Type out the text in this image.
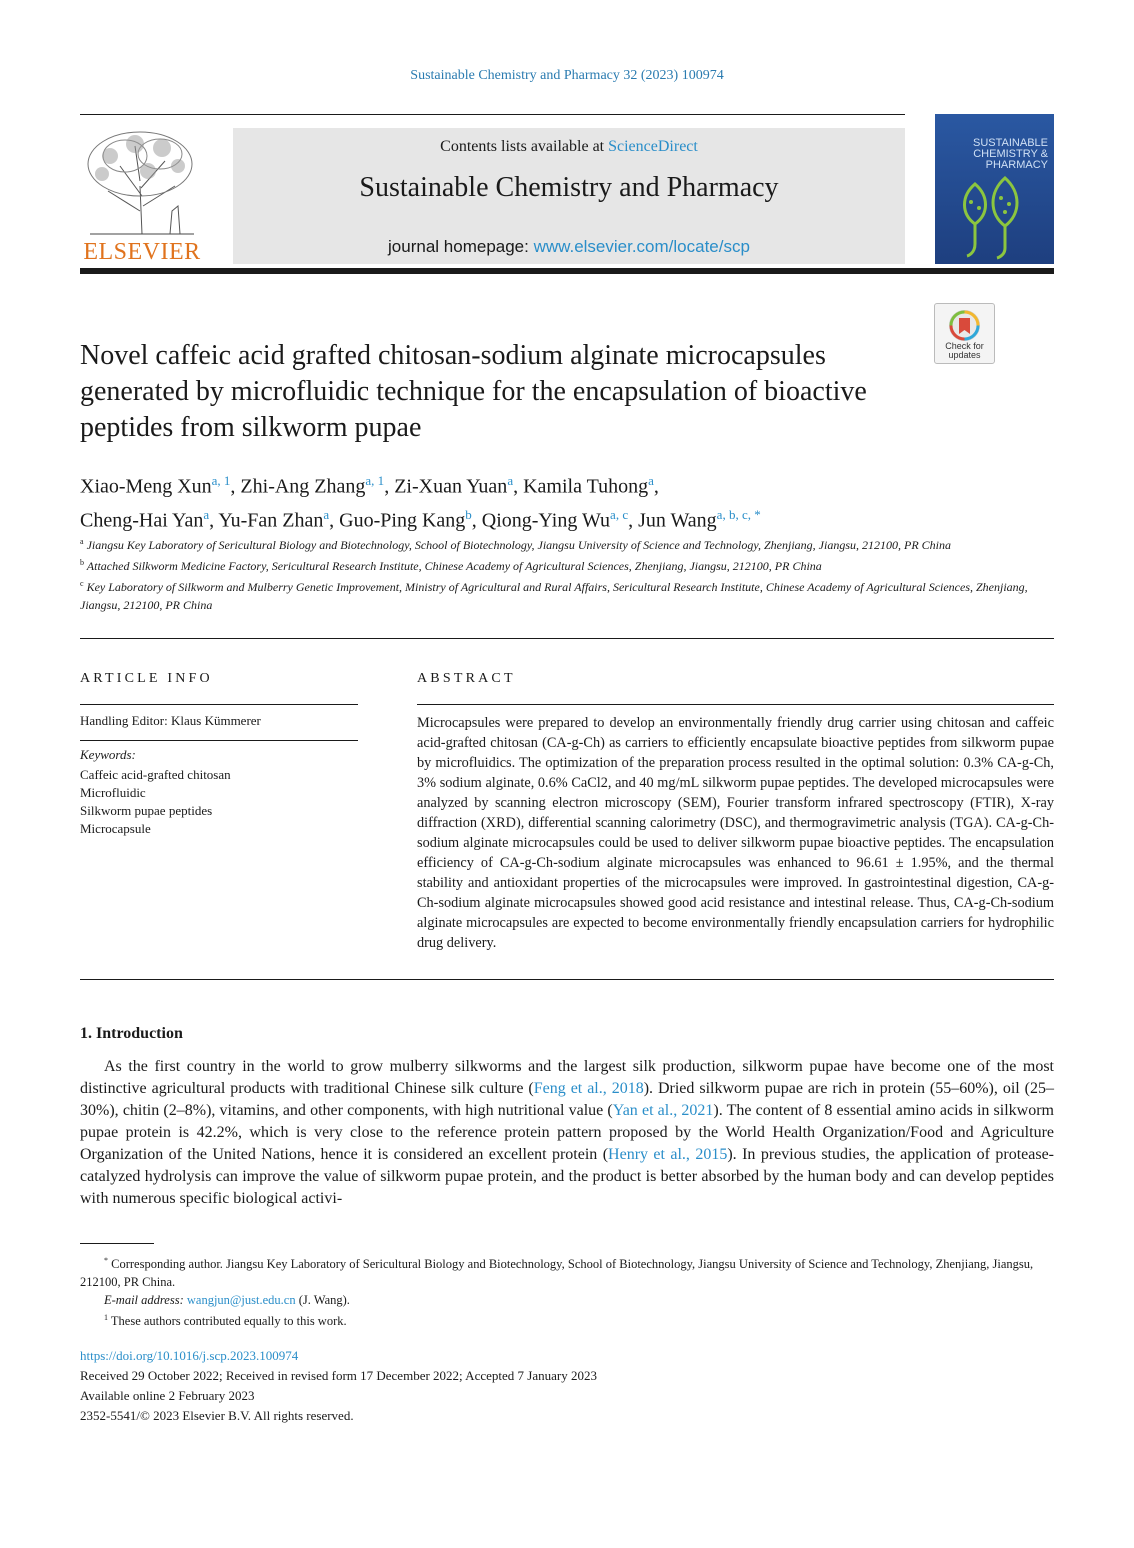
Sustainable Chemistry and Pharmacy 32 (2023) 100974
ELSEVIER
Contents lists available at ScienceDirect
Sustainable Chemistry and Pharmacy
journal homepage: www.elsevier.com/locate/scp
SUSTAINABLE
CHEMISTRY &
PHARMACY
Check for
updates
Novel caffeic acid grafted chitosan-sodium alginate microcapsules generated by microfluidic technique for the encapsulation of bioactive peptides from silkworm pupae
Xiao-Meng Xun$^{a, 1}$, Zhi-Ang Zhang$^{a, 1}$, Zi-Xuan Yuan$^a$, Kamila Tuhong$^a$,
Cheng-Hai Yan$^a$, Yu-Fan Zhan$^a$, Guo-Ping Kang$^b$, Qiong-Ying Wu$^{a, c}$, Jun Wang$^{a, b, c, *}$
$^a$ Jiangsu Key Laboratory of Sericultural Biology and Biotechnology, School of Biotechnology, Jiangsu University of Science and Technology, Zhenjiang, Jiangsu, 212100, PR China
$^b$ Attached Silkworm Medicine Factory, Sericultural Research Institute, Chinese Academy of Agricultural Sciences, Zhenjiang, Jiangsu, 212100, PR China
$^c$ Key Laboratory of Silkworm and Mulberry Genetic Improvement, Ministry of Agricultural and Rural Affairs, Sericultural Research Institute, Chinese Academy of Agricultural Sciences, Zhenjiang, Jiangsu, 212100, PR China
ARTICLE INFO
Handling Editor: Klaus Kümmerer
Keywords:
Caffeic acid-grafted chitosan
Microfluidic
Silkworm pupae peptides
Microcapsule
ABSTRACT
Microcapsules were prepared to develop an environmentally friendly drug carrier using chitosan and caffeic acid-grafted chitosan (CA-g-Ch) as carriers to efficiently encapsulate bioactive peptides from silkworm pupae by microfluidics. The optimization of the preparation process resulted in the optimal solution: 0.3% CA-g-Ch, 3% sodium alginate, 0.6% CaCl2, and 40 mg/mL silkworm pupae peptides. The developed microcapsules were analyzed by scanning electron microscopy (SEM), Fourier transform infrared spectroscopy (FTIR), X-ray diffraction (XRD), differential scanning calorimetry (DSC), and thermogravimetric analysis (TGA). CA-g-Ch-sodium alginate microcapsules could be used to deliver silkworm pupae bioactive peptides. The encapsulation efficiency of CA-g-Ch-sodium alginate microcapsules was enhanced to 96.61 ± 1.95%, and the thermal stability and antioxidant properties of the microcapsules were improved. In gastrointestinal digestion, CA-g-Ch-sodium alginate microcapsules showed good acid resistance and intestinal release. Thus, CA-g-Ch-sodium alginate microcapsules are expected to become environmentally friendly encapsulation carriers for hydrophilic drug delivery.
1. Introduction
As the first country in the world to grow mulberry silkworms and the largest silk production, silkworm pupae have become one of the most distinctive agricultural products with traditional Chinese silk culture (Feng et al., 2018). Dried silkworm pupae are rich in protein (55–60%), oil (25–30%), chitin (2–8%), vitamins, and other components, with high nutritional value (Yan et al., 2021). The content of 8 essential amino acids in silkworm pupae protein is 42.2%, which is very close to the reference protein pattern proposed by the World Health Organization/Food and Agriculture Organization of the United Nations, hence it is considered an excellent protein (Henry et al., 2015). In previous studies, the application of protease-catalyzed hydrolysis can improve the value of silkworm pupae protein, and the product is better absorbed by the human body and can develop peptides with numerous specific biological activi-

* Corresponding author. Jiangsu Key Laboratory of Sericultural Biology and Biotechnology, School of Biotechnology, Jiangsu University of Science and Technology, Zhenjiang, Jiangsu, 212100, PR China.

E-mail address: wangjun@just.edu.cn (J. Wang).

$^1$ These authors contributed equally to this work.

https://doi.org/10.1016/j.scp.2023.100974

Received 29 October 2022; Received in revised form 17 December 2022; Accepted 7 January 2023

Available online 2 February 2023

2352-5541/© 2023 Elsevier B.V. All rights reserved.
